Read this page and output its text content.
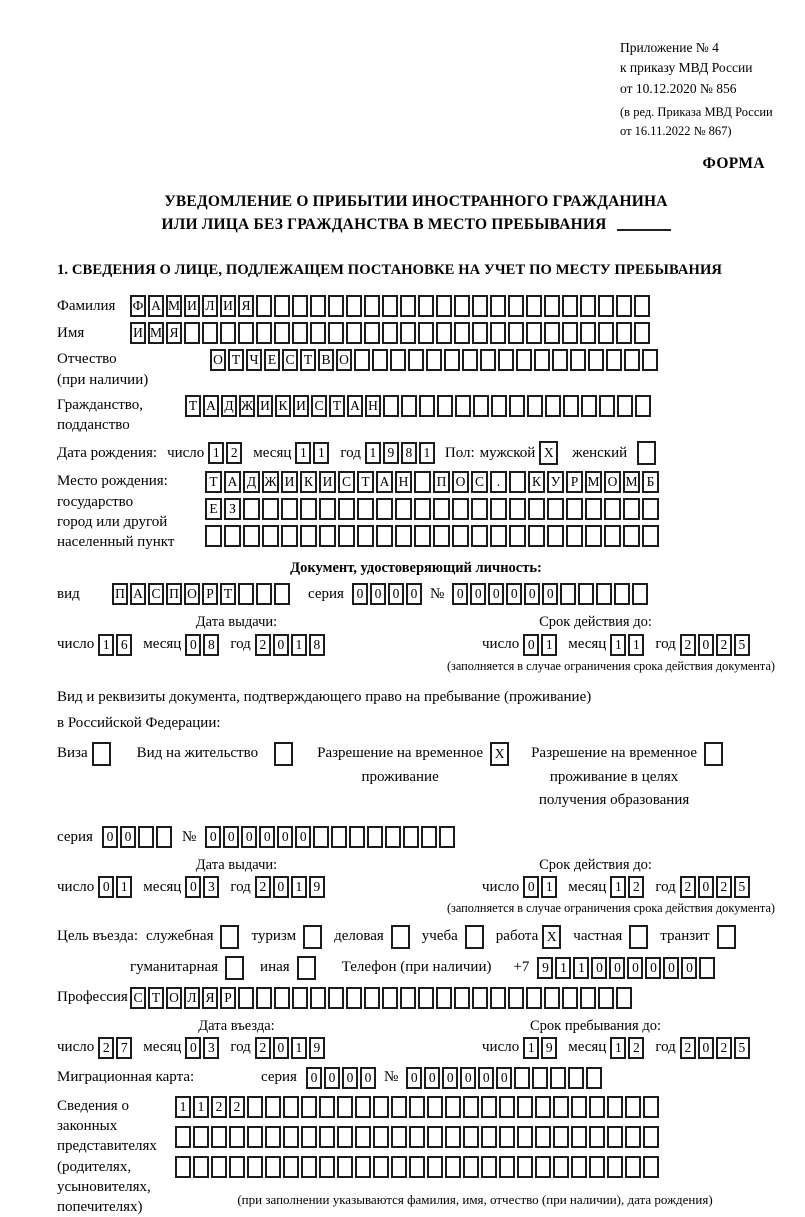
Приложение № 4
к приказу МВД России
от 10.12.2020 № 856
(в ред. Приказа МВД России
от 16.11.2022 № 867)
ФОРМА
УВЕДОМЛЕНИЕ О ПРИБЫТИИ ИНОСТРАННОГО ГРАЖДАНИНА
ИЛИ ЛИЦА БЕЗ ГРАЖДАНСТВА В МЕСТО ПРЕБЫВАНИЯ
1. СВЕДЕНИЯ О ЛИЦЕ, ПОДЛЕЖАЩЕМ ПОСТАНОВКЕ НА УЧЕТ ПО МЕСТУ ПРЕБЫВАНИЯ
Фамилия	Ф А М И Л И Я
Имя	И М Я
Отчество
(при наличии)
О Т Ч Е С Т В О
Гражданство,
подданство
Т А Д Ж И К И С Т А Н
Дата рождения: число 1 2	месяц 1 1	год 1 9 8 1 Пол: мужской X	женский
Место рождения:
государство
город или другой
населенный пункт
Т А Д Ж И К И С Т А Н П О С . К У Р М О М Б
Е З
Документ, удостоверяющий личность:
вид	П А С П О Р Т	серия 0 0 0 0 № 0 0 0 0 0 0
Дата выдачи:	Срок действия до:
число 1 6	месяц 0 8	год 2 0 1 8	число 0 1	месяц 1 1	год 2 0 2 5
(заполняется в случае ограничения срока действия документа)
Вид и реквизиты документа, подтверждающего право на пребывание (проживание)
в Российской Федерации:
Виза	Вид на жительство	Разрешение на временное
проживание
X	Разрешение на временное
проживание в целях
получения образования
серия	0 0	№	0 0 0 0 0 0
Дата выдачи:	Срок действия до:
число 0 1	месяц 0 3	год 2 0 1 9	число 0 1	месяц 1 2	год 2 0 2 5
(заполняется в случае ограничения срока действия документа)
Цель въезда: служебная	туризм	деловая	учеба	работа X	частная	транзит
гуманитарная	иная	Телефон (при наличии) +7 9 1 1 0 0 0 0 0 0
Профессия С Т О Л Я Р
Дата въезда:	Срок пребывания до:
число 2 7	месяц 0 3	год 2 0 1 9	число 1 9	месяц 1 2	год 2 0 2 5
Миграционная карта:	серия	0 0 0 0 № 0 0 0 0 0 0
Сведения о
законных
представителях
(родителях,
усыновителях,
попечителях)
1 1 2 2
(при заполнении указываются фамилия, имя, отчество (при наличии), дата рождения)
